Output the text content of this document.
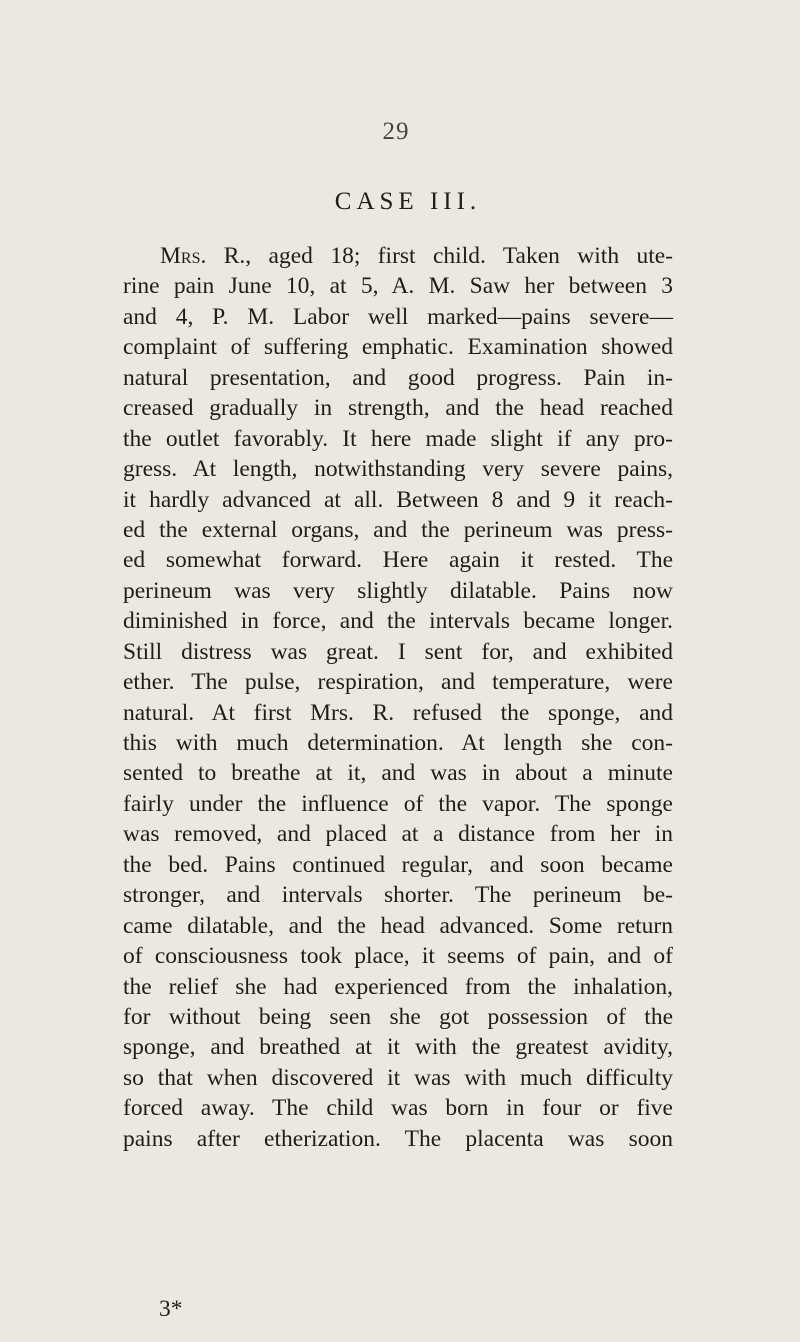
29
CASE III.
Mrs. R., aged 18; first child. Taken with ute-
rine pain June 10, at 5, A. M. Saw her between 3
and 4, P. M. Labor well marked—pains severe—
complaint of suffering emphatic. Examination showed
natural presentation, and good progress. Pain in-
creased gradually in strength, and the head reached
the outlet favorably. It here made slight if any pro-
gress. At length, notwithstanding very severe pains,
it hardly advanced at all. Between 8 and 9 it reach-
ed the external organs, and the perineum was press-
ed somewhat forward. Here again it rested. The
perineum was very slightly dilatable. Pains now
diminished in force, and the intervals became longer.
Still distress was great. I sent for, and exhibited
ether. The pulse, respiration, and temperature, were
natural. At first Mrs. R. refused the sponge, and
this with much determination. At length she con-
sented to breathe at it, and was in about a minute
fairly under the influence of the vapor. The sponge
was removed, and placed at a distance from her in
the bed. Pains continued regular, and soon became
stronger, and intervals shorter. The perineum be-
came dilatable, and the head advanced. Some return
of consciousness took place, it seems of pain, and of
the relief she had experienced from the inhalation,
for without being seen she got possession of the
sponge, and breathed at it with the greatest avidity,
so that when discovered it was with much difficulty
forced away. The child was born in four or five
pains after etherization. The placenta was soon
3*
